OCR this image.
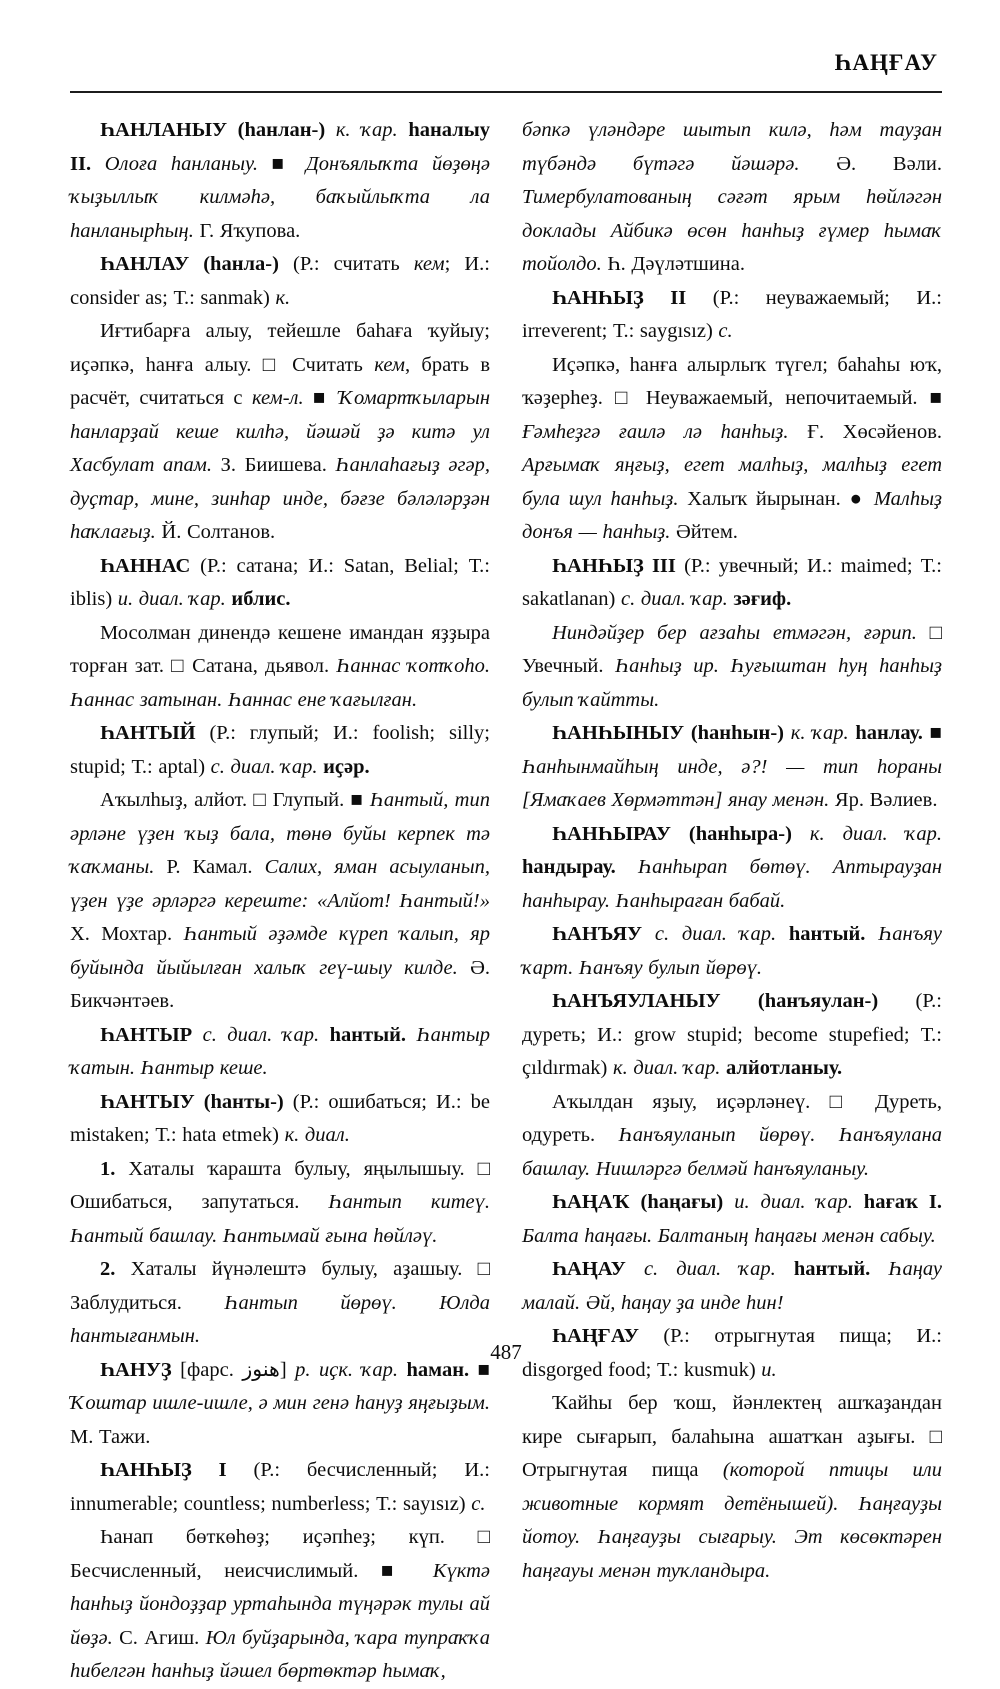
ҺАҢҒАУ

ҺАНЛАНЫУ (һанлан-) к. ҡар. һаналыу II. Олоға һанланыу. ■ Донъялыҡта йөҙөңә ҡыҙыллыҡ килмәһә, баҡыйлыҡта ла һанланырһың. Г. Яҡупова.

ҺАНЛАУ (һанла-) (Р.: считать кем; И.: consider as; Т.: sanmak) к.

Иғтибарға алыу, тейешле баһаға ҡуйыу; иҫәпкә, һанға алыу. □ Считать кем, брать в расчёт, считаться с кем-л. ■ Ҡомартҡыларын һанларҙай кеше килһә, йәшәй ҙә китә ул Хасбулат апам. З. Биишева. Һанлаһағыҙ әгәр, дуҫтар, мине, зинһар инде, бәғзе бәләләрҙән һаҡлағыҙ. Й. Солтанов.

ҺАННАС (Р.: сатана; И.: Satan, Belial; Т.: iblis) и. диал. ҡар. иблис.

Мосолман динендә кешене имандан яҙҙыра торған зат. □ Сатана, дьявол. Һаннас ҡотҡоһо. Һаннас затынан. Һаннас ене ҡағылған.

ҺАНТЫЙ (Р.: глупый; И.: foolish; silly; stupid; Т.: aptal) с. диал. ҡар. иҫәр.

Аҡылһыҙ, алйот. □ Глупый. ■ Һантый, тип әрләне үҙен ҡыҙ бала, төнө буйы керпек тә ҡаҡманы. Р. Камал. Салих, яман асыуланып, үҙен үҙе әрләргә кереште: «Алйот! Һантый!» Х. Мохтар. Һантый әҙәмде күреп ҡалып, яр буйында йыйылған халыҡ геү-шыу килде. Ә. Бикчәнтәев.

ҺАНТЫР с. диал. ҡар. һантый. Һантыр ҡатын. Һантыр кеше.

ҺАНТЫУ (һанты-) (Р.: ошибаться; И.: be mistaken; Т.: hata etmek) к. диал.

1. Хаталы ҡарашта булыу, яңылышыу. □ Ошибаться, запутаться. Һантып китеү. Һантый башлау. Һантымай ғына һөйләү.

2. Хаталы йүнәлештә булыу, аҙашыу. □ Заблудиться. Һантып йөрөү. Юлда һантығанмын.

ҺАНУҘ [фарс. هنوز] р. иҫк. ҡар. һаман. ■ Ҡоштар ишле-ишле, ә мин генә һануҙ яңғыҙым. М. Тажи.

ҺАНҺЫҘ I (Р.: бесчисленный; И.: innumerable; countless; numberless; Т.: sayısız) с.

Һанап бөткөһөҙ; иҫәпһеҙ; күп. □ Бесчисленный, неисчислимый. ■ Күктә һанһыҙ йондоҙҙар уртаһында түңәрәк тулы ай йөҙә. С. Агиш. Юл буйҙарында, ҡара тупраҡҡа һибелгән һанһыҙ йәшел бөртөктәр һымаҡ,

бәпкә үләндәре шытып килә, һәм тауҙан түбәндә бүтәгә йәшәрә. Ә. Вәли. Тимербулатованың сәғәт ярым һөйләгән доклады Айбикә өсөн һанһыҙ ғүмер һымаҡ тойолдо. Һ. Дәүләтшина.

ҺАНҺЫҘ II (Р.: неуважаемый; И.: irreverent; Т.: saygısız) с.

Иҫәпкә, һанға алырлыҡ түгел; баһаһы юҡ, ҡәҙерһеҙ. □ Неуважаемый, непочитаемый. ■ Ғәмһеҙгә ғаилә лә һанһыҙ. Ғ. Хөсәйенов. Арғымаҡ яңғыҙ, егет малһыҙ, малһыҙ егет була шул һанһыҙ. Халыҡ йырынан. ● Малһыҙ донъя — һанһыҙ. Әйтем.

ҺАНҺЫҘ III (Р.: увечный; И.: maimed; Т.: sakatlanan) с. диал. ҡар. зәғиф.

Ниндәйҙер бер ағзаһы етмәгән, ғәрип. □ Увечный. Һанһыҙ ир. Һуғыштан һуң һанһыҙ булып ҡайтты.

ҺАНҺЫНЫУ (һанһын-) к. ҡар. һанлау. ■ Һанһынмайһың инде, ә?! — тип һораны [Ямаҡаев Хөрмәттән] янау менән. Яр. Вәлиев.

ҺАНҺЫРАУ (һанһыра-) к. диал. ҡар. һандырау. Һанһырап бөтөү. Аптырауҙан һанһырау. Һанһыраған бабай.

ҺАНЪЯУ с. диал. ҡар. һантый. Һанъяу ҡарт. Һанъяу булып йөрөү.

ҺАНЪЯУЛАНЫУ (һанъяулан-) (Р.: дуреть; И.: grow stupid; become stupefied; Т.: çıldırmak) к. диал. ҡар. алйотланыу.

Аҡылдан яҙыу, иҫәрләнеү. □ Дуреть, одуреть. Һанъяуланып йөрөү. Һанъяулана башлау. Нишләргә белмәй һанъяуланыу.

ҺАҢАҠ (һаңағы) и. диал. ҡар. һағаҡ I. Балта һаңағы. Балтаның һаңағы менән сабыу.

ҺАҢАУ с. диал. ҡар. һантый. Һаңау малай. Әй, һаңау ҙа инде һин!

ҺАҢҒАУ (Р.: отрыгнутая пища; И.: disgorged food; Т.: kusmuk) и.

Ҡайһы бер ҡош, йәнлектең ашҡаҙандан кире сығарып, балаһына ашатҡан аҙығы. □ Отрыгнутая пища (которой птицы или животные кормят детёнышей). Һаңғауҙы йотоу. Һаңғауҙы сығарыу. Эт көсөктәрен һаңғауы менән туҡландыра.

487
